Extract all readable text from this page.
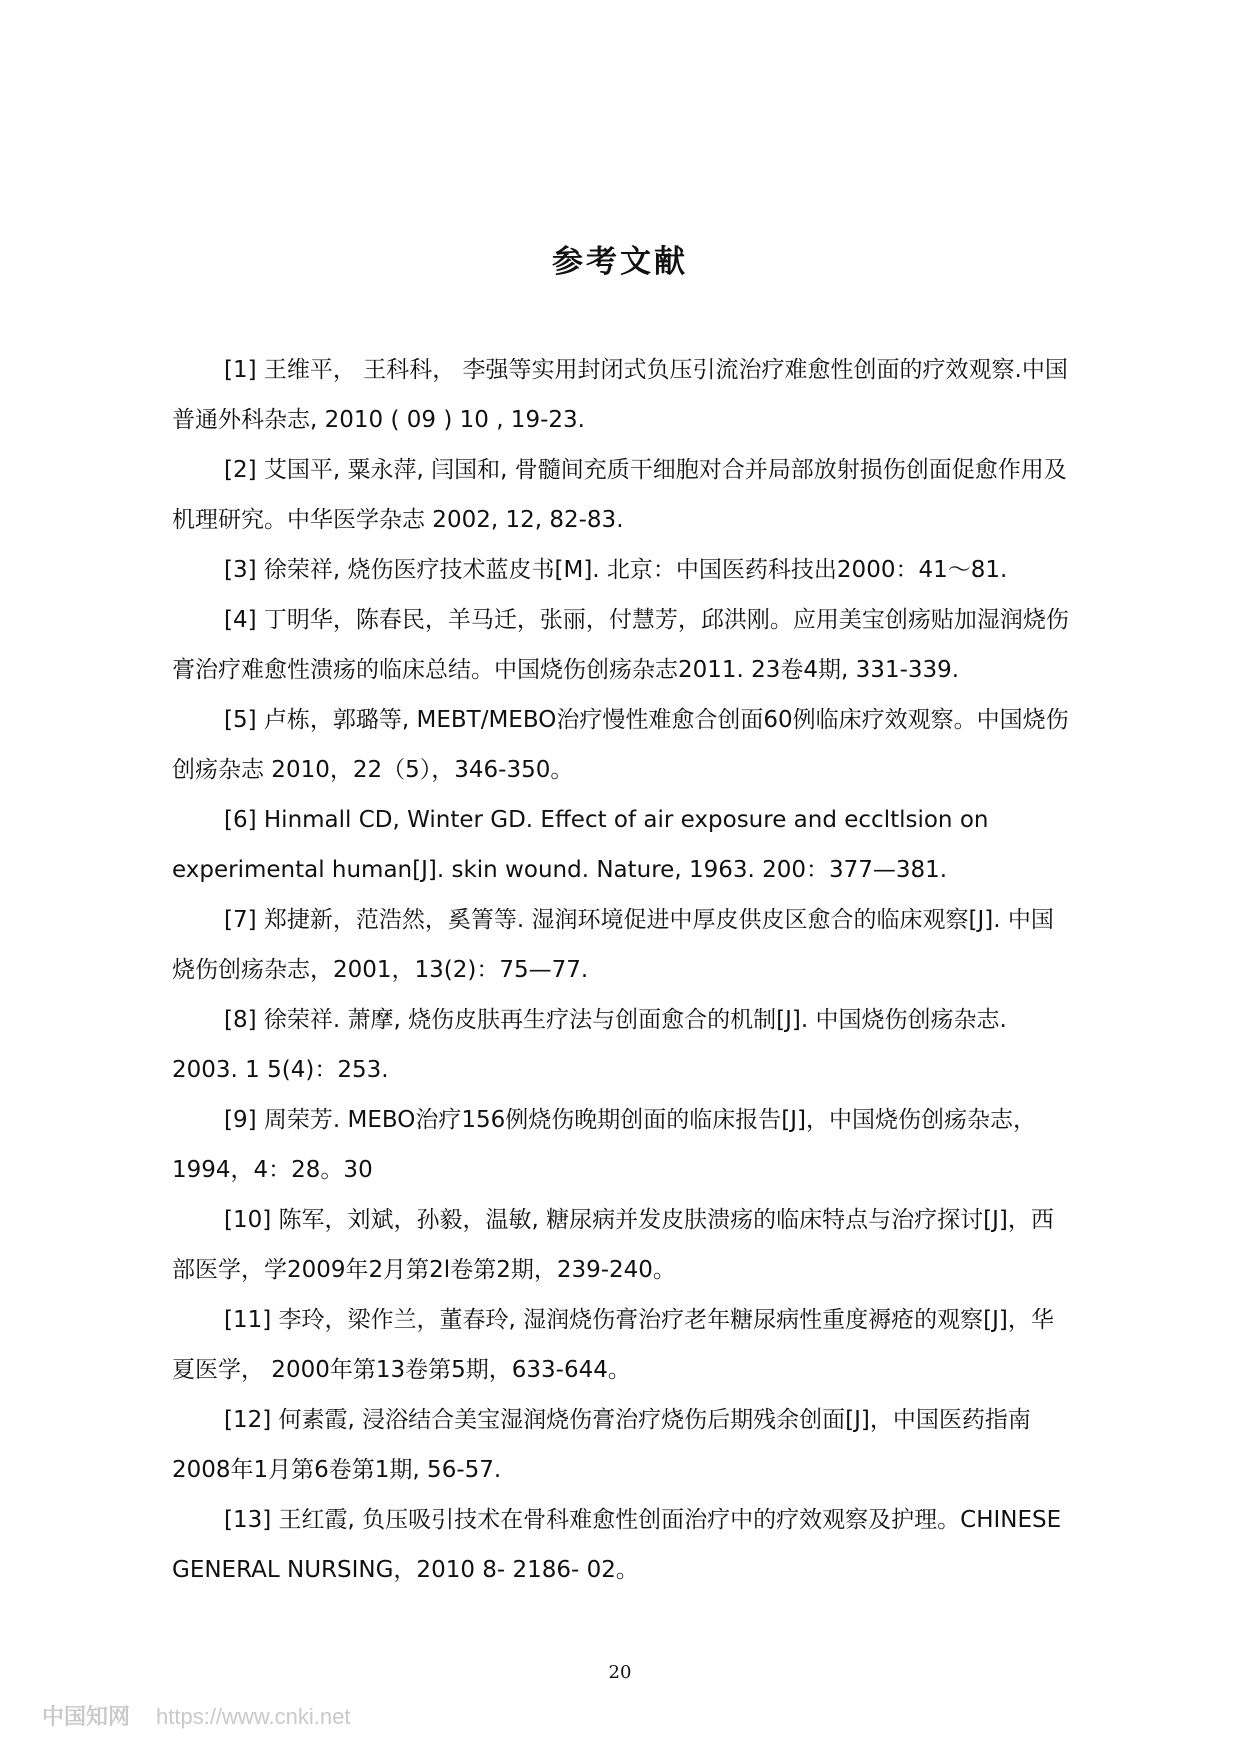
参考文献

[1] 王维平， 王科科， 李强等实用封闭式负压引流治疗难愈性创面的疗效观察.中国普通外科杂志, 2010 ( 09 ) 10 , 19-23.

[2] 艾国平, 粟永萍, 闫国和, 骨髓间充质干细胞对合并局部放射损伤创面促愈作用及机理研究。中华医学杂志 2002, 12, 82-83.

[3] 徐荣祥, 烧伤医疗技术蓝皮书[M]. 北京：中国医药科技出2000：41～81.

[4] 丁明华，陈春民，羊马迁，张丽，付慧芳，邱洪刚。应用美宝创疡贴加湿润烧伤膏治疗难愈性溃疡的临床总结。中国烧伤创疡杂志2011. 23卷4期, 331-339.

[5] 卢栋，郭璐等, MEBT/MEBO治疗慢性难愈合创面60例临床疗效观察。中国烧伤创疡杂志 2010，22（5），346-350。

[6] Hinmall CD, Winter GD. Effect of air exposure and eccltlsion on experimental human[J]. skin wound. Nature, 1963. 200：377—381.

[7] 郑捷新，范浩然，奚箐等. 湿润环境促进中厚皮供皮区愈合的临床观察[J]. 中国烧伤创疡杂志，2001，13(2)：75—77.

[8] 徐荣祥. 萧摩, 烧伤皮肤再生疗法与创面愈合的机制[J]. 中国烧伤创疡杂志. 2003. 1 5(4)：253.

[9] 周荣芳. MEBO治疗156例烧伤晚期创面的临床报告[J]，中国烧伤创疡杂志，1994，4：28。30

[10] 陈军，刘斌，孙毅，温敏, 糖尿病并发皮肤溃疡的临床特点与治疗探讨[J]，西部医学，学2009年2月第2l卷第2期，239-240。

[11] 李玲，梁作兰，董春玲, 湿润烧伤膏治疗老年糖尿病性重度褥疮的观察[J]，华夏医学， 2000年第13卷第5期，633-644。

[12] 何素霞, 浸浴结合美宝湿润烧伤膏治疗烧伤后期残余创面[J]，中国医药指南2008年1月第6卷第1期, 56-57.

[13] 王红霞, 负压吸引技术在骨科难愈性创面治疗中的疗效观察及护理。CHINESE GENERAL NURSING，2010 8- 2186- 02。

20
中国知网 https://www.cnki.net
